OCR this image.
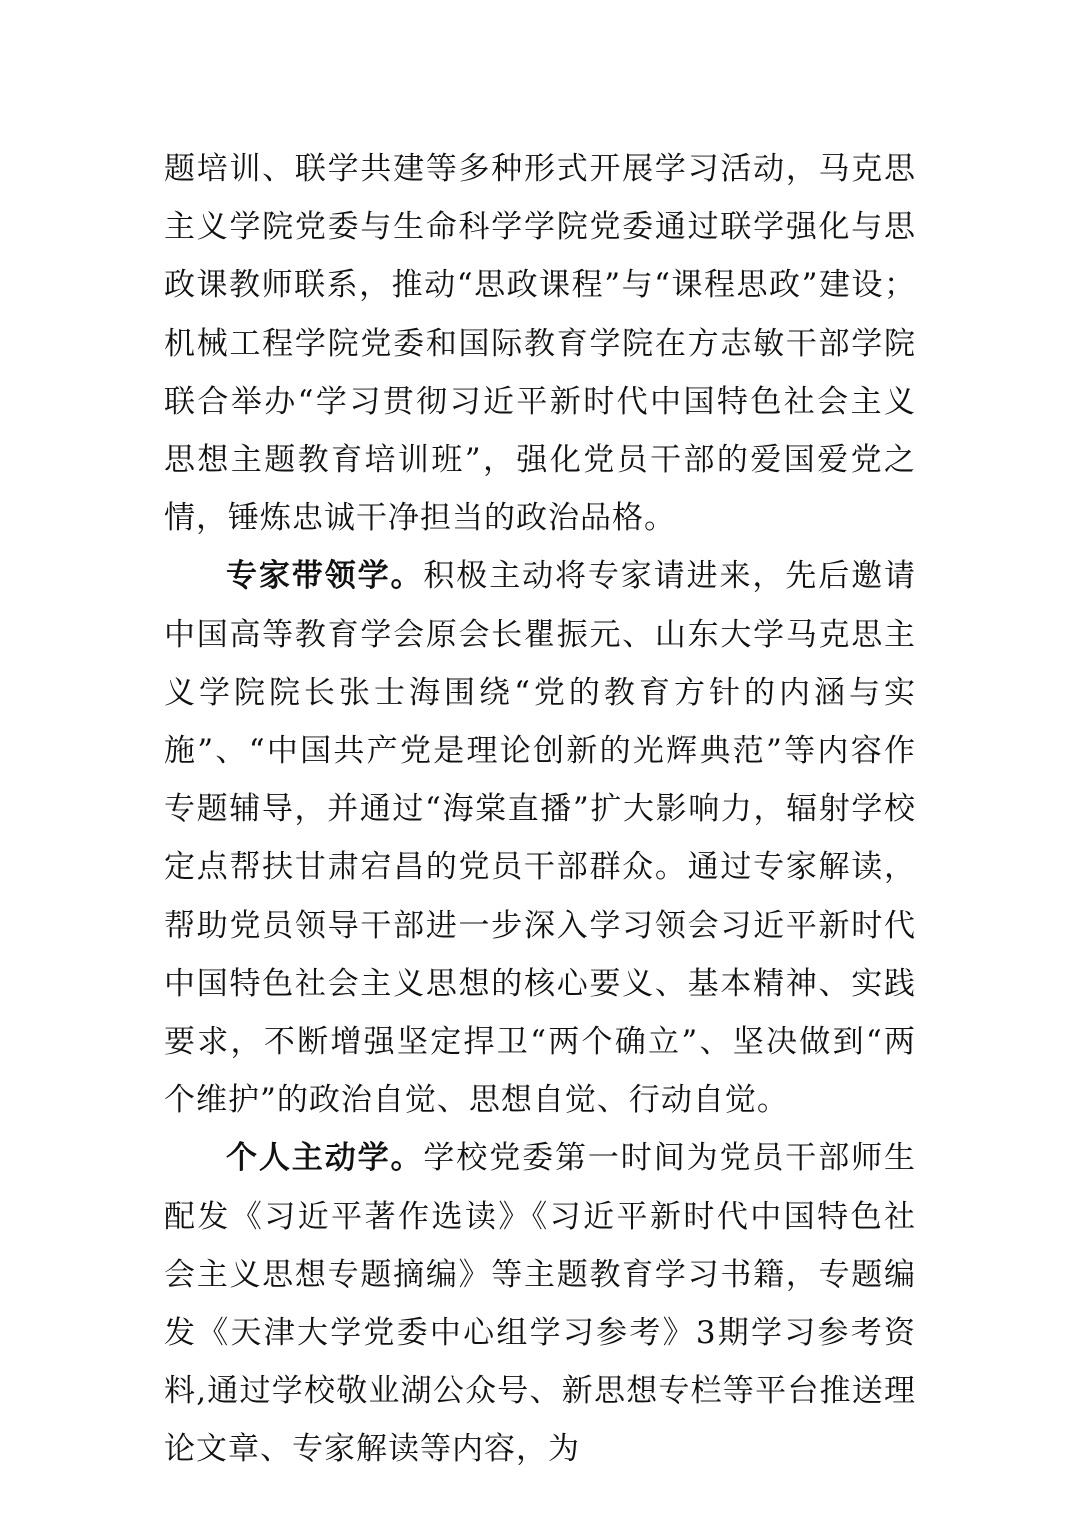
题培训、联学共建等多种形式开展学习活动，马克思主义学院党委与生命科学学院党委通过联学强化与思政课教师联系，推动“思政课程”与“课程思政”建设；机械工程学院党委和国际教育学院在方志敏干部学院联合举办“学习贯彻习近平新时代中国特色社会主义思想主题教育培训班”，强化党员干部的爱国爱党之情，锤炼忠诚干净担当的政治品格。

专家带领学。积极主动将专家请进来，先后邀请中国高等教育学会原会长瞿振元、山东大学马克思主义学院院长张士海围绕“党的教育方针的内涵与实施”、“中国共产党是理论创新的光辉典范”等内容作专题辅导，并通过“海棠直播”扩大影响力，辐射学校定点帮扶甘肃宕昌的党员干部群众。通过专家解读，帮助党员领导干部进一步深入学习领会习近平新时代中国特色社会主义思想的核心要义、基本精神、实践要求，不断增强坚定捍卫“两个确立”、坚决做到“两个维护”的政治自觉、思想自觉、行动自觉。

个人主动学。学校党委第一时间为党员干部师生配发《习近平著作选读》《习近平新时代中国特色社会主义思想专题摘编》等主题教育学习书籍，专题编发《天津大学党委中心组学习参考》3期学习参考资料,通过学校敬业湖公众号、新思想专栏等平台推送理论文章、专家解读等内容，为
